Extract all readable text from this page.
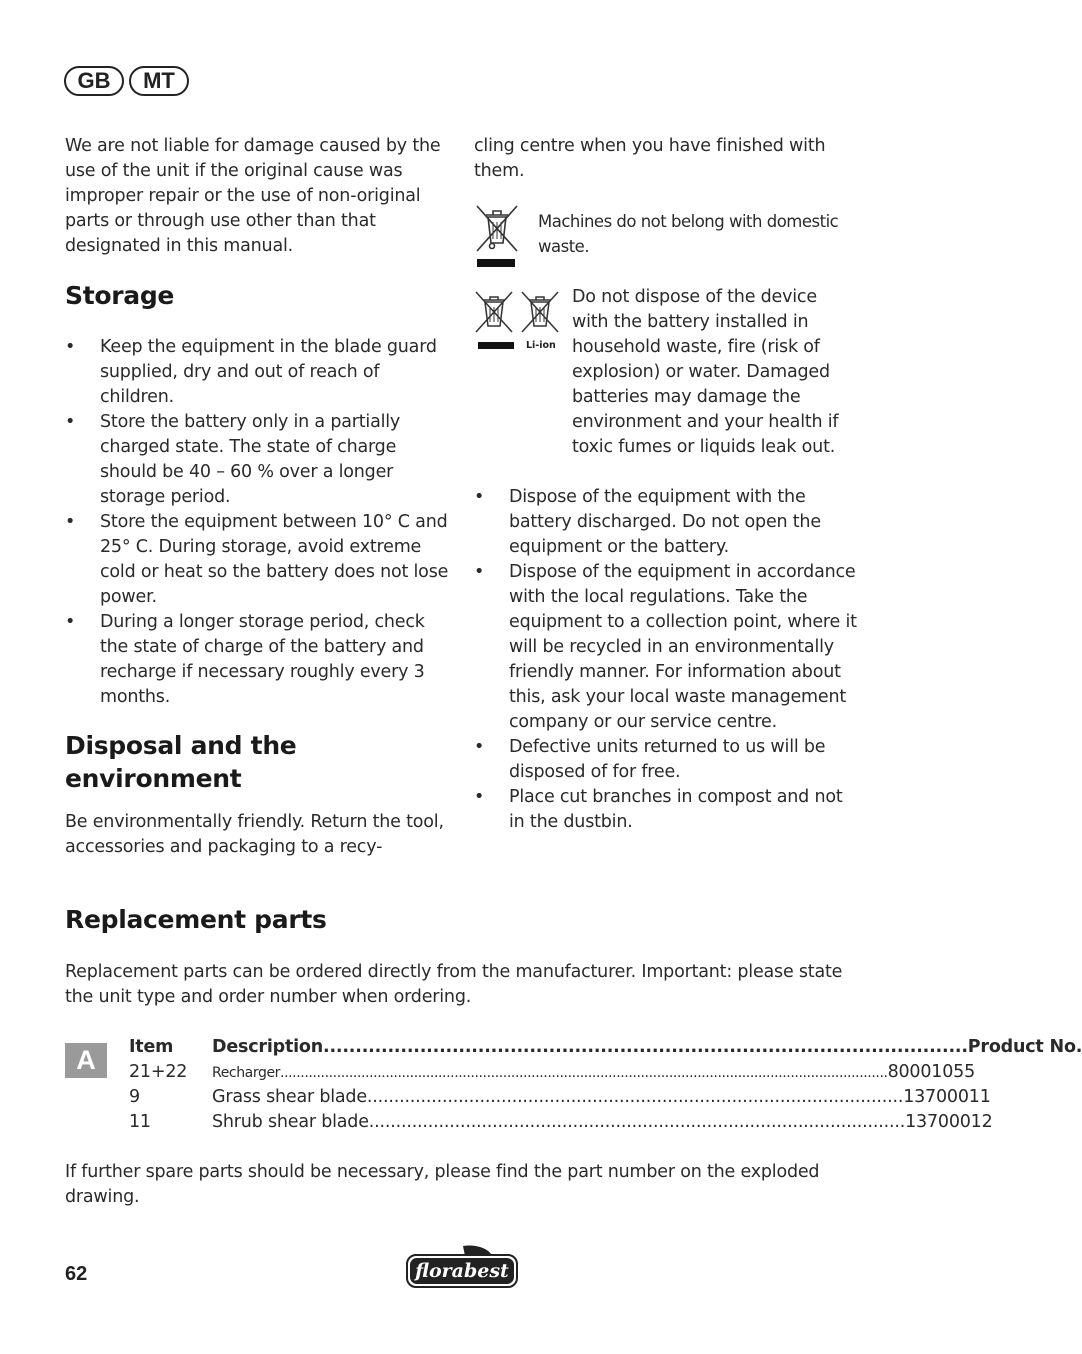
GB	MT
We are not liable for damage caused by the use of the unit if the original cause was improper repair or the use of non-original parts or through use other than that designated in this manual.
Storage
•	Keep the equipment in the blade guard supplied, dry and out of reach of children.
•	Store the battery only in a partially charged state. The state of charge should be 40 – 60 % over a longer storage period.
•	Store the equipment between 10° C and 25° C. During storage, avoid extreme cold or heat so the battery does not lose power.
•	During a longer storage period, check the state of charge of the battery and recharge if necessary roughly every 3 months.
Disposal and the
environment
Be environmentally friendly. Return the tool, accessories and packaging to a recy-
cling centre when you have finished with them.
Machines do not belong with domestic waste.
Li-ion
Do not dispose of the device with the battery installed in household waste, fire (risk of explosion) or water. Damaged batteries may damage the environment and your health if toxic fumes or liquids leak out.
•	Dispose of the equipment with the battery discharged. Do not open the equipment or the battery.
•	Dispose of the equipment in accordance with the local regulations. Take the equipment to a collection point, where it will be recycled in an environmentally friendly manner. For information about this, ask your local waste management company or our service centre.
•	Defective units returned to us will be disposed of for free.
•	Place cut branches in compost and not in the dustbin.
Replacement parts
Replacement parts can be ordered directly from the manufacturer. Important: please state the unit type and order number when ordering.
A	Item	Description .................................................................................................... Product No.
21+22	Recharger ...................................................................................................................................................... 80001055
9	Grass shear blade .................................................................................................... 13700011
11	Shrub shear blade .................................................................................................... 13700012
If further spare parts should be necessary, please find the part number on the exploded drawing.
62	florabest
